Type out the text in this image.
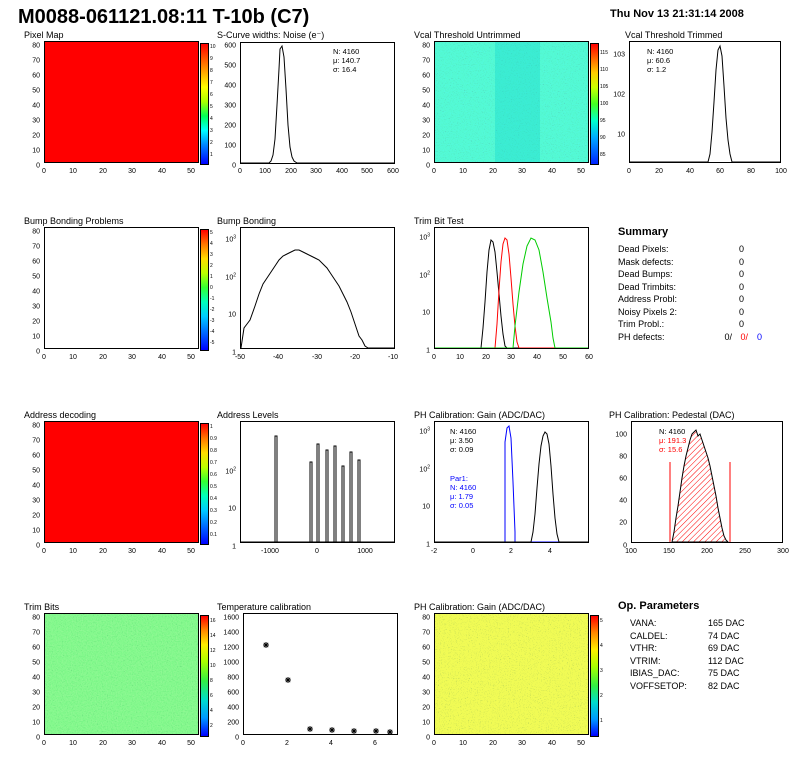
M0088-061121.08:11 T-10b (C7)	Thu Nov 13 21:31:14 2008
Pixel Map
80
70
60
50
40
30
20
10
0
0	10	20	30	40	50
10
9
8
7
6
5
4
3
2
1
S-Curve widths: Noise (e⁻)
600
500
400
300
200
100
0
0 100 200 300 400 500 600
N: 4160
μ: 140.7
σ: 16.4
Vcal Threshold Untrimmed
80
70
60
50
40
30
20
10
0
0	10	20	30	40	50
115
110
105
100
95
90
85
Vcal Threshold Trimmed
103
102
10
0	20	40	60	80	100
N: 4160
μ: 60.6
σ: 1.2
Bump Bonding Problems
80
70
60
50
40
30
20
10
0
0	10	20	30	40	50
5
4
3
2
1
0
-1
-2
-3
-4
-5
Bump Bonding
$10^3$
$10^2$
10
1
-50	-40	-30	-20	-10
Trim Bit Test
$10^3$
$10^2$
10
1
0	10	20 30	40	50	60
Summary
Dead Pixels:	0
Mask defects:	0
Dead Bumps:	0
Dead Trimbits:	0
Address Probl:	0
Noisy Pixels 2:	0
Trim Probl.:	0
PH defects:	0/ 0/ 0
Address decoding
80
70
60
50
40
30
20
10
0
0	10	20	30	40	50
1
0.9
0.8
0.7
0.6
0.5
0.4
0.3
0.2
0.1
Address Levels
$10^2$
10
1
-1000	0	1000
PH Calibration: Gain (ADC/DAC)
$10^3$
$10^2$
10
1
-2	0	2	4
N: 4160
μ: 3.50
σ: 0.09
Par1:
N: 4160
μ: 1.79
σ: 0.05
PH Calibration: Pedestal (DAC)
100
80
60
40
20
0
100	150	200	250	300
N: 4160
μ: 191.3
σ: 15.6
Trim Bits
80
70
60
50
40
30
20
10
0
0	10	20	30	40	50
16
14
12
10
8
6
4
2
Temperature calibration
1600
1400
1200
1000
800
600
400
200
0
0	2	4	6
PH Calibration: Gain (ADC/DAC)
80
70
60
50
40
30
20
10
0
0	10	20	30	40	50
5
4
3
2
1
Op. Parameters
VANA:	165 DAC
CALDEL:	74 DAC
VTHR:	69 DAC
VTRIM:	112 DAC
IBIAS_DAC:	75 DAC
VOFFSETOP: 82 DAC
